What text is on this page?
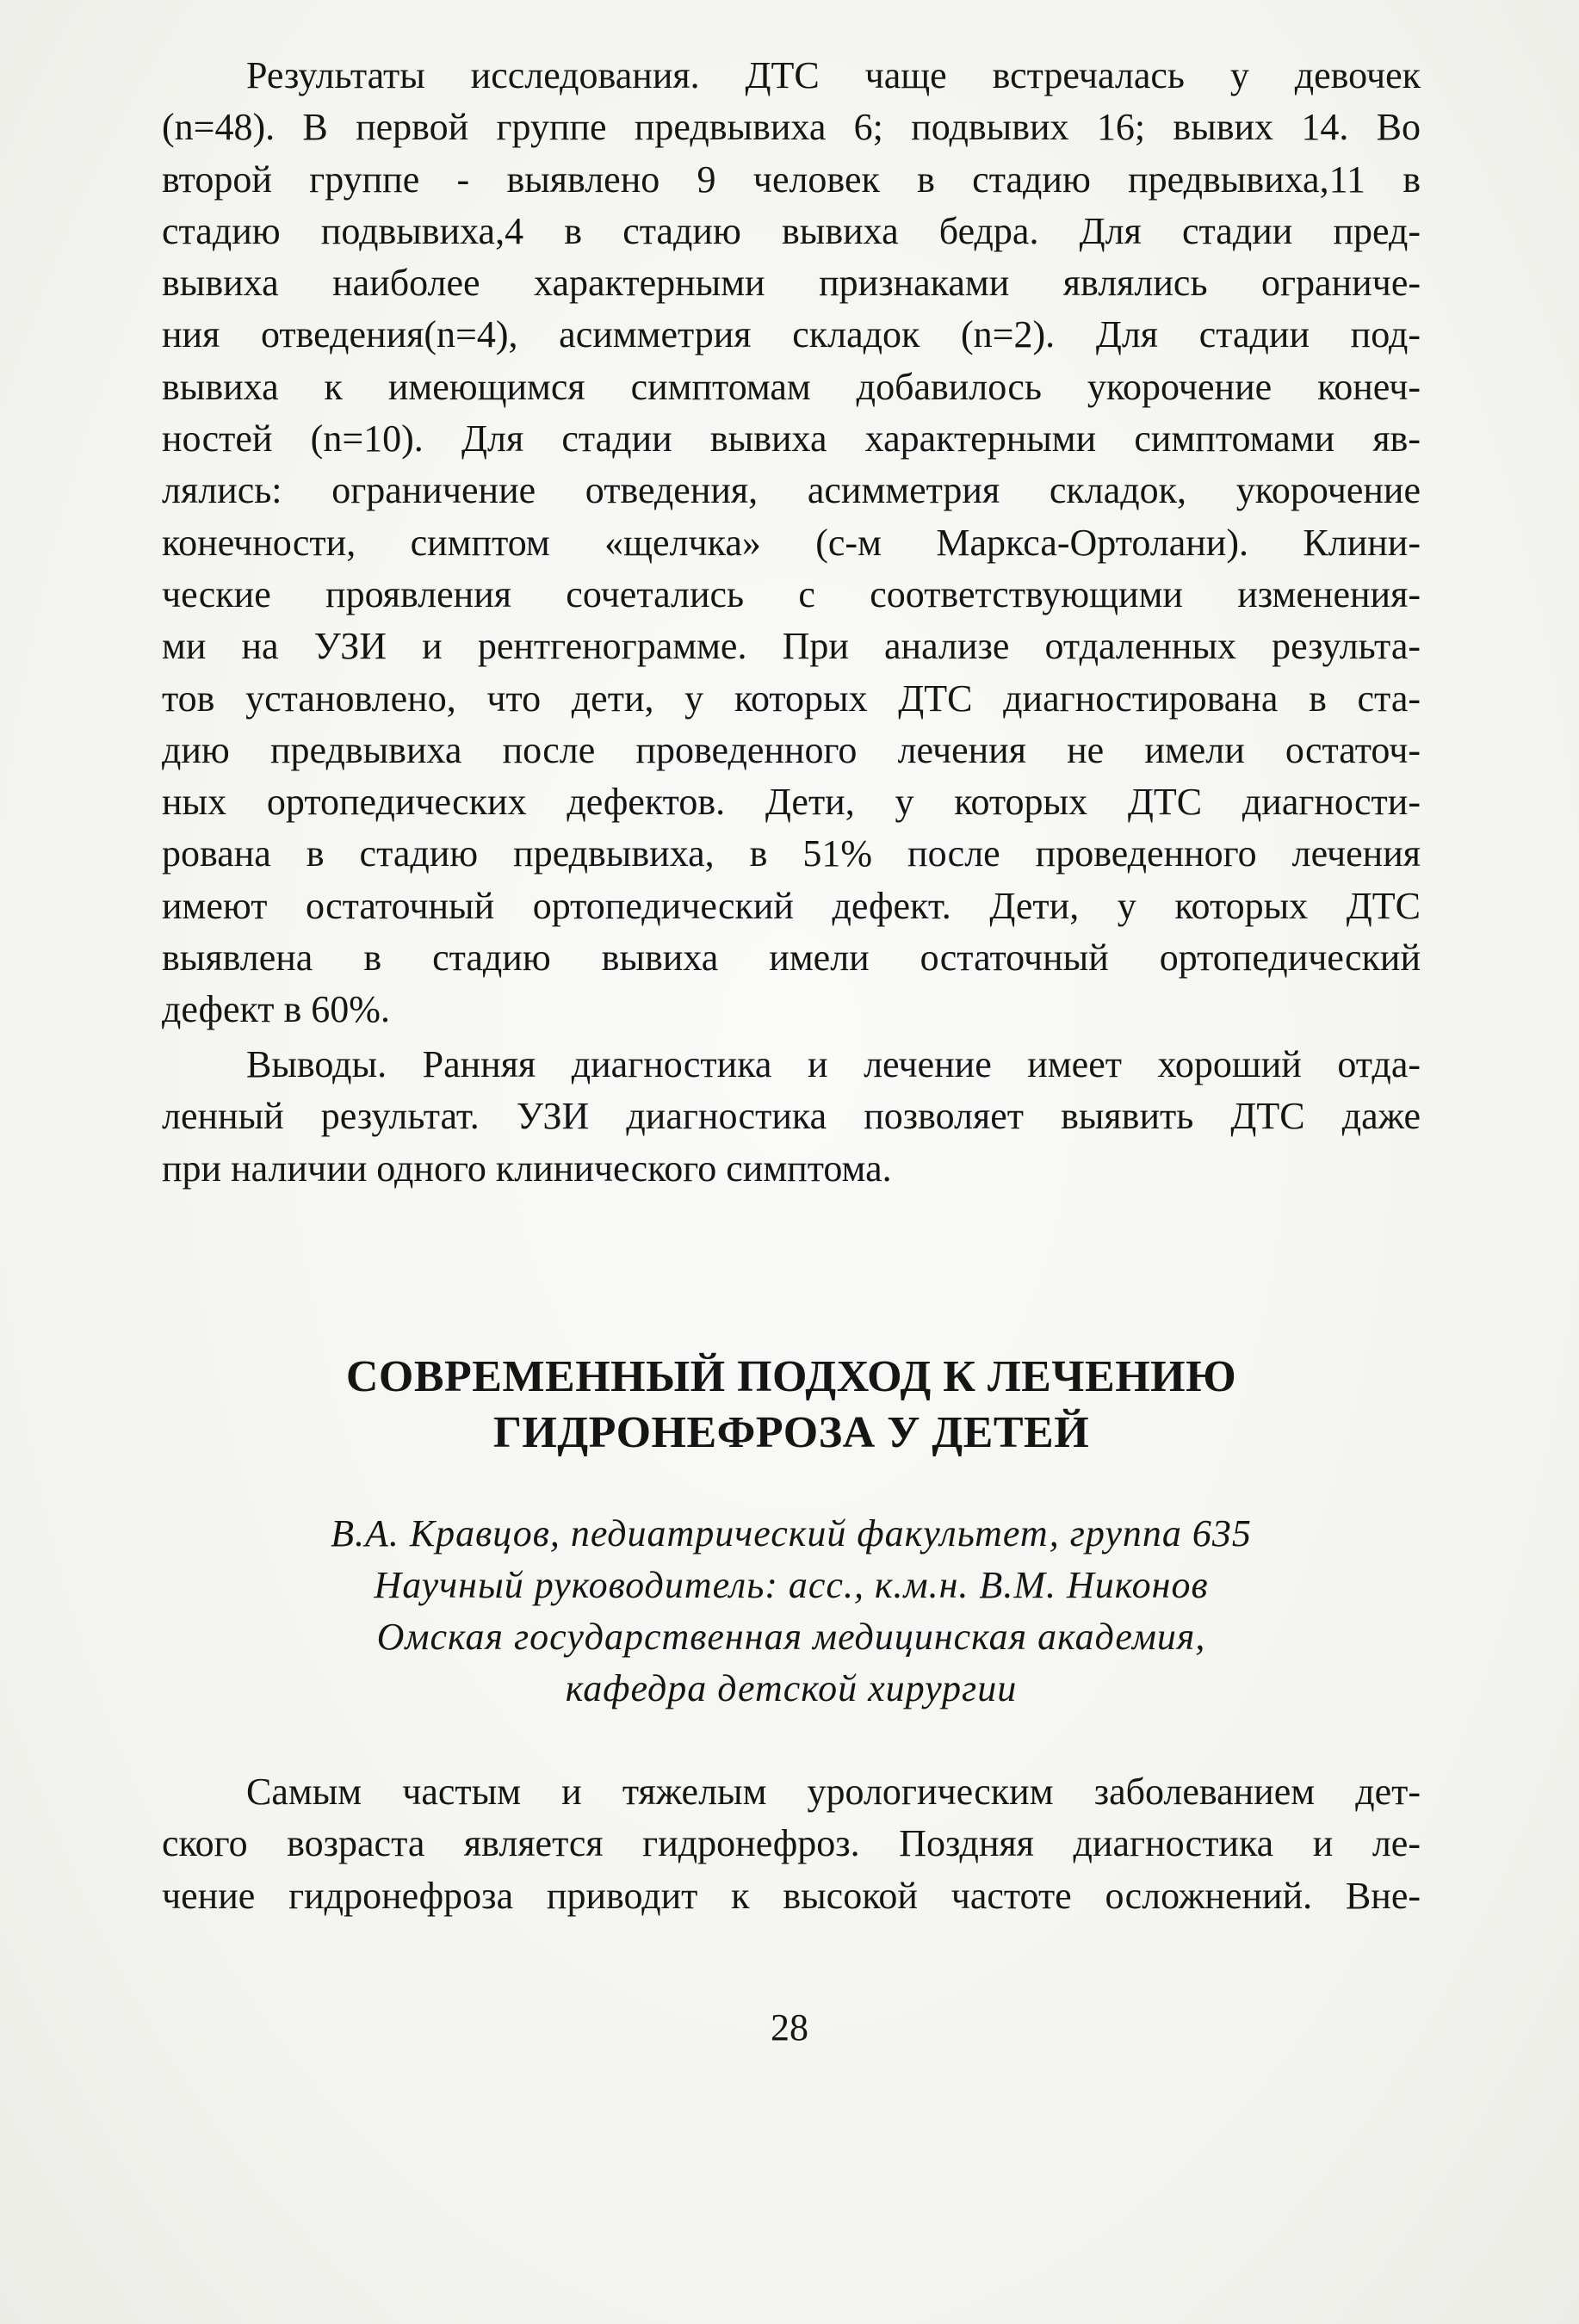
Результаты исследования. ДТС чаще встречалась у девочек
(n=48). В первой группе предвывиха 6; подвывих 16; вывих 14. Во
второй группе - выявлено 9 человек в стадию предвывиха,11 в
стадию подвывиха,4 в стадию вывиха бедра. Для стадии пред-
вывиха наиболее характерными признаками являлись ограниче-
ния отведения(n=4), асимметрия складок (n=2). Для стадии под-
вывиха к имеющимся симптомам добавилось укорочение конеч-
ностей (n=10). Для стадии вывиха характерными симптомами яв-
лялись: ограничение отведения, асимметрия складок, укорочение
конечности, симптом «щелчка» (с-м Маркса-Ортолани). Клини-
ческие проявления сочетались с соответствующими изменения-
ми на УЗИ и рентгенограмме. При анализе отдаленных результа-
тов установлено, что дети, у которых ДТС диагностирована в ста-
дию предвывиха после проведенного лечения не имели остаточ-
ных ортопедических дефектов. Дети, у которых ДТС диагности-
рована в стадию предвывиха, в 51% после проведенного лечения
имеют остаточный ортопедический дефект. Дети, у которых ДТС
выявлена в стадию вывиха имели остаточный ортопедический
дефект в 60%.

Выводы. Ранняя диагностика и лечение имеет хороший отда-
ленный результат. УЗИ диагностика позволяет выявить ДТС даже
при наличии одного клинического симптома.

СОВРЕМЕННЫЙ ПОДХОД К ЛЕЧЕНИЮ
ГИДРОНЕФРОЗА У ДЕТЕЙ
В.А. Кравцов, педиатрический факультет, группа 635
Научный руководитель: асс., к.м.н. В.М. Никонов
Омская государственная медицинская академия,
кафедра детской хирургии

Самым частым и тяжелым урологическим заболеванием дет-
ского возраста является гидронефроз. Поздняя диагностика и ле-
чение гидронефроза приводит к высокой частоте осложнений. Вне-

28
